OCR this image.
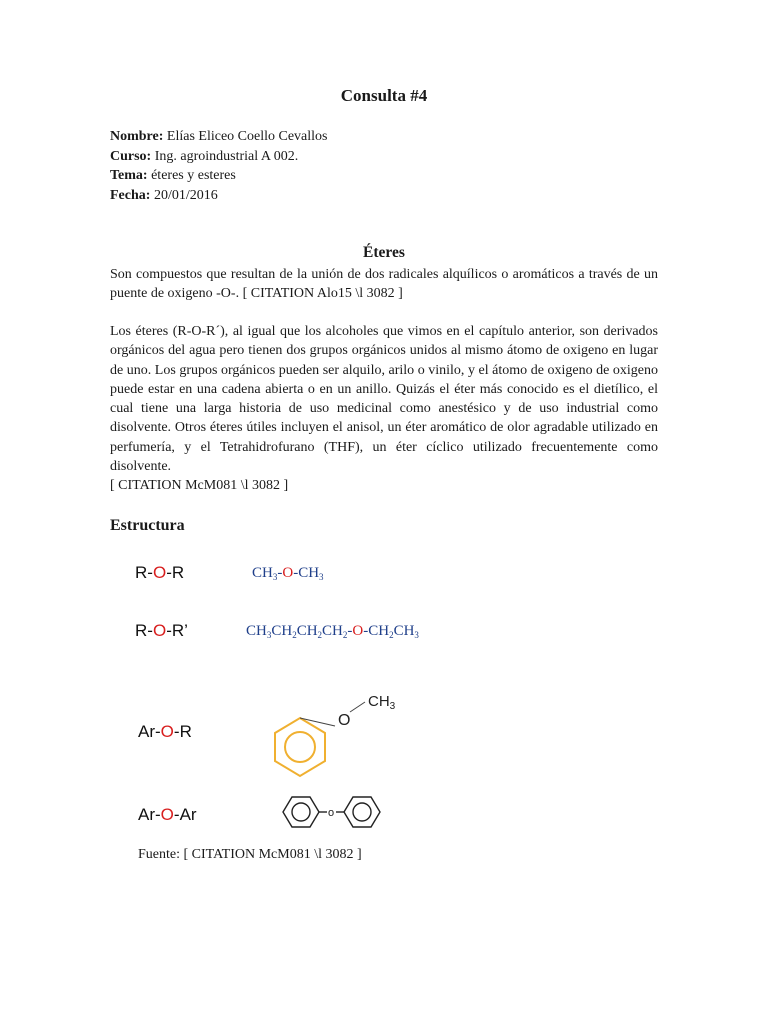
Consulta #4
Nombre: Elías Eliceo Coello Cevallos
Curso: Ing. agroindustrial A 002.
Tema: éteres y esteres
Fecha: 20/01/2016
Éteres
Son compuestos que resultan de la unión de dos radicales alquílicos o aromáticos a través de un puente de oxigeno -O-. [ CITATION Alo15 \l 3082 ]
Los éteres (R-O-R´), al igual que los alcoholes que vimos en el capítulo anterior, son derivados orgánicos del agua pero tienen dos grupos orgánicos unidos al mismo átomo de oxigeno en lugar de uno. Los grupos orgánicos pueden ser alquilo, arilo o vinilo, y el átomo de oxigeno de oxigeno puede estar en una cadena abierta o en un anillo. Quizás el éter más conocido es el dietílico, el cual tiene una larga historia de uso medicinal como anestésico y de uso industrial como disolvente. Otros éteres útiles incluyen el anisol, un éter aromático de olor agradable utilizado en perfumería, y el Tetrahidrofurano (THF), un éter cíclico utilizado frecuentemente como disolvente.
[ CITATION McM081 \l 3082 ]
Estructura
R-O-R
R-O-R’
Ar-O-R
Ar-O-Ar
$CH_3-O-CH_3$
$CH_3CH_2CH_2CH_2-O-CH_2CH_3$
O
$CH_3$
o
Fuente: [ CITATION McM081 \l 3082 ]
